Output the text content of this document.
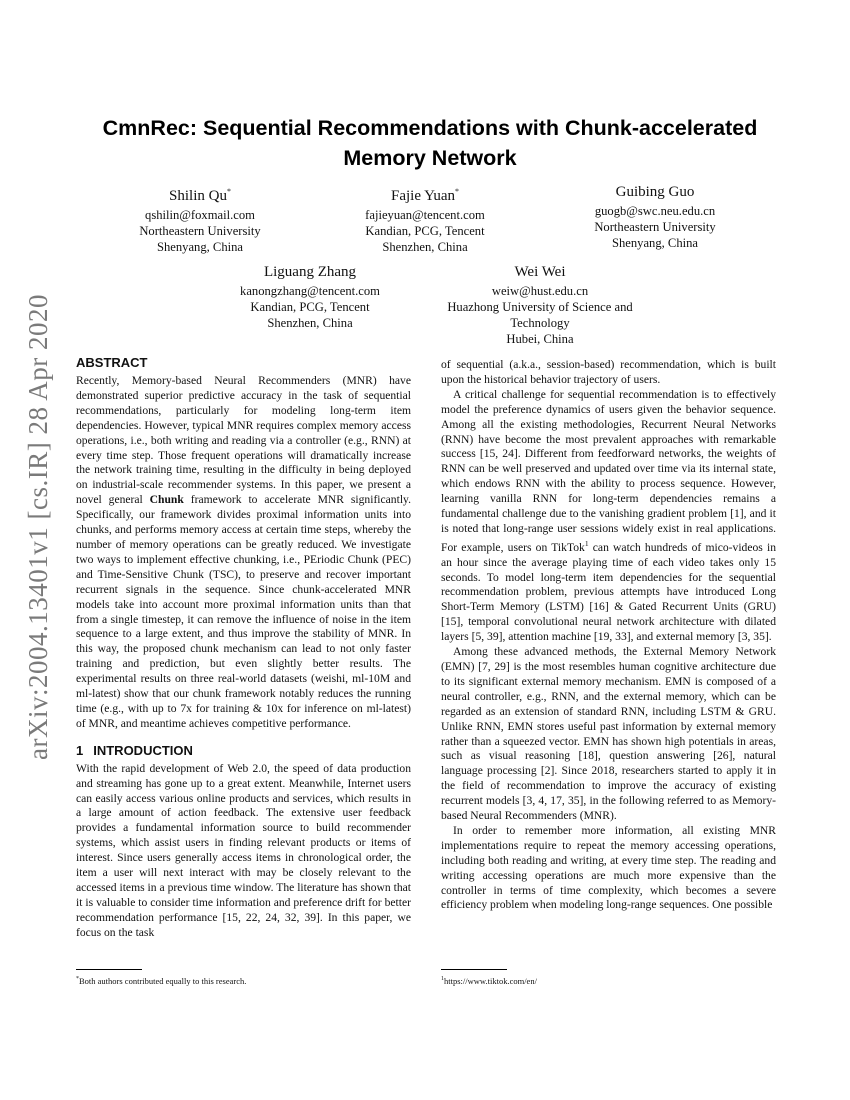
arXiv:2004.13401v1 [cs.IR] 28 Apr 2020
CmnRec: Sequential Recommendations with Chunk-accelerated
Memory Network
Shilin Qu*
qshilin@foxmail.com
Northeastern University
Shenyang, China
Fajie Yuan*
fajieyuan@tencent.com
Kandian, PCG, Tencent
Shenzhen, China
Guibing Guo
guogb@swc.neu.edu.cn
Northeastern University
Shenyang, China
Liguang Zhang
kanongzhang@tencent.com
Kandian, PCG, Tencent
Shenzhen, China
Wei Wei
weiw@hust.edu.cn
Huazhong University of Science and
Technology
Hubei, China
ABSTRACT

Recently, Memory-based Neural Recommenders (MNR) have demonstrated superior predictive accuracy in the task of sequential recommendations, particularly for modeling long-term item dependencies. However, typical MNR requires complex memory access operations, i.e., both writing and reading via a controller (e.g., RNN) at every time step. Those frequent operations will dramatically increase the network training time, resulting in the difficulty in being deployed on industrial-scale recommender systems. In this paper, we present a novel general Chunk framework to accelerate MNR significantly. Specifically, our framework divides proximal information units into chunks, and performs memory access at certain time steps, whereby the number of memory operations can be greatly reduced. We investigate two ways to implement effective chunking, i.e., PEriodic Chunk (PEC) and Time-Sensitive Chunk (TSC), to preserve and recover important recurrent signals in the sequence. Since chunk-accelerated MNR models take into account more proximal information units than that from a single timestep, it can remove the influence of noise in the item sequence to a large extent, and thus improve the stability of MNR. In this way, the proposed chunk mechanism can lead to not only faster training and prediction, but even slightly better results. The experimental results on three real-world datasets (weishi, ml-10M and ml-latest) show that our chunk framework notably reduces the running time (e.g., with up to 7x for training & 10x for inference on ml-latest) of MNR, and meantime achieves competitive performance.

1 INTRODUCTION

With the rapid development of Web 2.0, the speed of data production and streaming has gone up to a great extent. Meanwhile, Internet users can easily access various online products and services, which results in a large amount of action feedback. The extensive user feedback provides a fundamental information source to build recommender systems, which assist users in finding relevant products or items of interest. Since users generally access items in chronological order, the item a user will next interact with may be closely relevant to the accessed items in a previous time window. The literature has shown that it is valuable to consider time information and preference drift for better recommendation performance [15, 22, 24, 32, 39]. In this paper, we focus on the task

of sequential (a.k.a., session-based) recommendation, which is built upon the historical behavior trajectory of users.

A critical challenge for sequential recommendation is to effectively model the preference dynamics of users given the behavior sequence. Among all the existing methodologies, Recurrent Neural Networks (RNN) have become the most prevalent approaches with remarkable success [15, 24]. Different from feedforward networks, the weights of RNN can be well preserved and updated over time via its internal state, which endows RNN with the ability to process sequence. However, learning vanilla RNN for long-term dependencies remains a fundamental challenge due to the vanishing gradient problem [1], and it is noted that long-range user sessions widely exist in real applications. For example, users on TikTok$^1$ can watch hundreds of mico-videos in an hour since the average playing time of each video takes only 15 seconds. To model long-term item dependencies for the sequential recommendation problem, previous attempts have introduced Long Short-Term Memory (LSTM) [16] & Gated Recurrent Units (GRU) [15], temporal convolutional neural network architecture with dilated layers [5, 39], attention machine [19, 33], and external memory [3, 35].

Among these advanced methods, the External Memory Network (EMN) [7, 29] is the most resembles human cognitive architecture due to its significant external memory mechanism. EMN is composed of a neural controller, e.g., RNN, and the external memory, which can be regarded as an extension of standard RNN, including LSTM & GRU. Unlike RNN, EMN stores useful past information by external memory rather than a squeezed vector. EMN has shown high potentials in areas, such as visual reasoning [18], question answering [26], natural language processing [2]. Since 2018, researchers started to apply it in the field of recommendation to improve the accuracy of existing recurrent models [3, 4, 17, 35], in the following referred to as Memory-based Neural Recommenders (MNR).

In order to remember more information, all existing MNR implementations require to repeat the memory accessing operations, including both reading and writing, at every time step. The reading and writing accessing operations are much more expensive than the controller in terms of time complexity, which becomes a severe efficiency problem when modeling long-range sequences. One possible

*Both authors contributed equally to this research.	$^1$https://www.tiktok.com/en/
